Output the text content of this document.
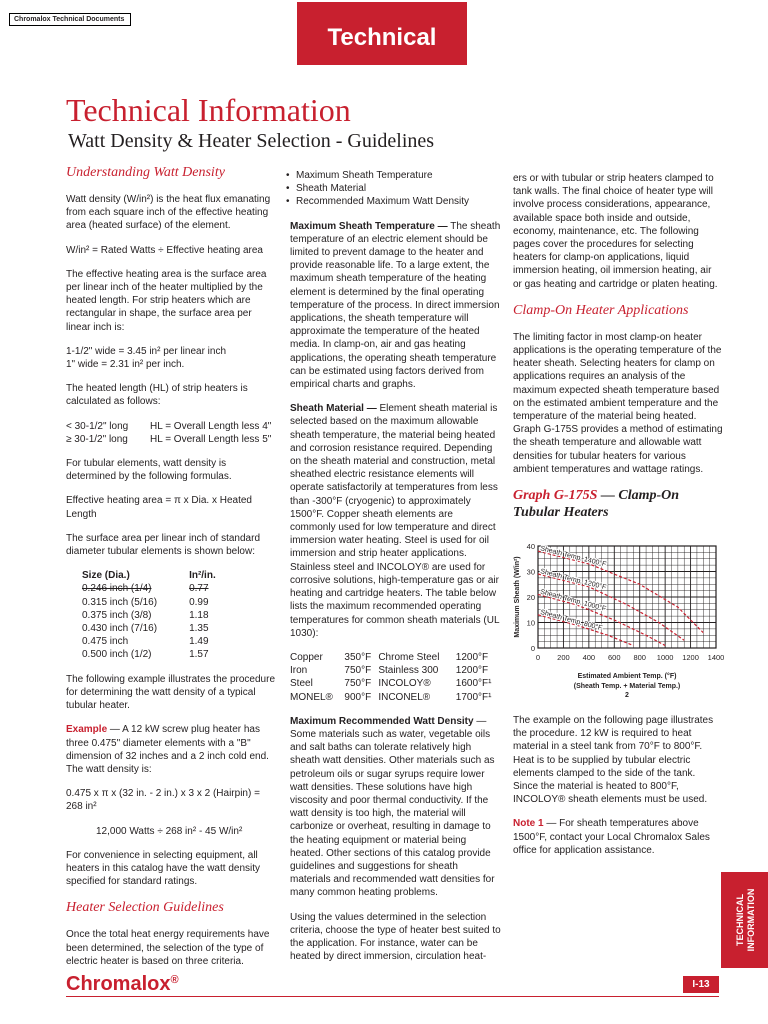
Chromalox Technical Documents
Technical
Technical Information
Watt Density & Heater Selection - Guidelines
Understanding Watt Density

Watt density (W/in²) is the heat flux emanating from each square inch of the effective heating area (heated surface) of the element.

W/in² = Rated Watts ÷ Effective heating area

The effective heating area is the surface area per linear inch of the heater multiplied by the heated length. For strip heaters which are rectangular in shape, the surface area per linear inch is:

1-1/2" wide = 3.45 in² per linear inch
1" wide = 2.31 in² per inch.

The heated length (HL) of strip heaters is calculated as follows:

< 30-1/2" long HL = Overall Length less 4"
≥ 30-1/2" long HL = Overall Length less 5"

For tubular elements, watt density is determined by the following formulas.

Effective heating area = π x Dia. x Heated Length

The surface area per linear inch of standard diameter tubular elements is shown below:

Size (Dia.)	In²/in.
0.246 inch (1/4)	0.77
0.315 inch (5/16)	0.99
0.375 inch (3/8)	1.18
0.430 inch (7/16)	1.35
0.475 inch	1.49
0.500 inch (1/2)	1.57

The following example illustrates the procedure for determining the watt density of a typical tubular heater.

Example — A 12 kW screw plug heater has three 0.475" diameter elements with a "B" dimension of 32 inches and a 2 inch cold end. The watt density is:

0.475 x π x (32 in. - 2 in.) x 3 x 2 (Hairpin) = 268 in²

12,000 Watts ÷ 268 in² - 45 W/in²

For convenience in selecting equipment, all heaters in this catalog have the watt density specified for standard ratings.

Heater Selection Guidelines

Once the total heat energy requirements have been determined, the selection of the type of electric heater is based on three criteria.

• Maximum Sheath Temperature
• Sheath Material
• Recommended Maximum Watt Density

Maximum Sheath Temperature — The sheath temperature of an electric element should be limited to prevent damage to the heater and provide reasonable life. To a large extent, the maximum sheath temperature of the heating element is determined by the final operating temperature of the process. In direct immersion applications, the sheath temperature will approximate the temperature of the heated media. In clamp-on, air and gas heating applications, the operating sheath temperature can be estimated using factors derived from empirical charts and graphs.

Sheath Material — Element sheath material is selected based on the maximum allowable sheath temperature, the material being heated and corrosion resistance required. Depending on the sheath material and construction, metal sheathed electric resistance elements will operate satisfactorily at temperatures from less than -300°F (cryogenic) to approximately 1500°F. Copper sheath elements are commonly used for low temperature and direct immersion water heating. Steel is used for oil immersion and strip heater applications. Stainless steel and INCOLOY® are used for corrosive solutions, high-temperature gas or air heating and cartridge heaters. The table below lists the maximum recommended operating temperatures for common sheath materials (UL 1030):

Copper	350°F	Chrome Steel	1200°F
Iron	750°F	Stainless 300	1200°F
Steel	750°F	INCOLOY®	1600°F¹
MONEL®	900°F	INCONEL®	1700°F¹

Maximum Recommended Watt Density — Some materials such as water, vegetable oils and salt baths can tolerate relatively high sheath watt densities. Other materials such as petroleum oils or sugar syrups require lower watt densities. These solutions have high viscosity and poor thermal conductivity. If the watt density is too high, the material will carbonize or overheat, resulting in damage to the heating equipment or material being heated. Other sections of this catalog provide guidelines and suggestions for sheath materials and recommended watt densities for many common heating problems.

Using the values determined in the selection criteria, choose the type of heater best suited to the application. For instance, water can be heated by direct immersion, circulation heat-

ers or with tubular or strip heaters clamped to tank walls. The final choice of heater type will involve process considerations, appearance, available space both inside and outside, economy, maintenance, etc. The following pages cover the procedures for selecting heaters for clamp-on applications, liquid immersion heating, oil immersion heating, air or gas heating and cartridge or platen heating.

Clamp-On Heater Applications

The limiting factor in most clamp-on heater applications is the operating temperature of the heater sheath. Selecting heaters for clamp on applications requires an analysis of the maximum expected sheath temperature based on the estimated ambient temperature and the temperature of the material being heated. Graph G-175S provides a method of estimating the sheath temperature and allowable watt densities for tubular heaters for various ambient temperatures and wattage ratings.

Graph G-175S — Clamp-On Tubular Heaters
Sheath Temp. 1400°F
Sheath Temp. 1200°F
Sheath Temp. 1000°F
Sheath Temp. 800°F
0 200 400 600 800 1000 1200 1400
0
10
20
30
40
Maximum Sheath (W/in²)
Estimated Ambient Temp. (°F)
(Sheath Temp. + Material Temp.)
2

The example on the following page illustrates the procedure. 12 kW is required to heat material in a steel tank from 70°F to 800°F. Heat is to be supplied by tubular electric elements clamped to the side of the tank. Since the material is heated to 800°F, INCOLOY® sheath elements must be used.

Note 1 — For sheath temperatures above 1500°F, contact your Local Chromalox Sales office for application assistance.

TECHNICAL
INFORMATION
Chromalox®	I-13
